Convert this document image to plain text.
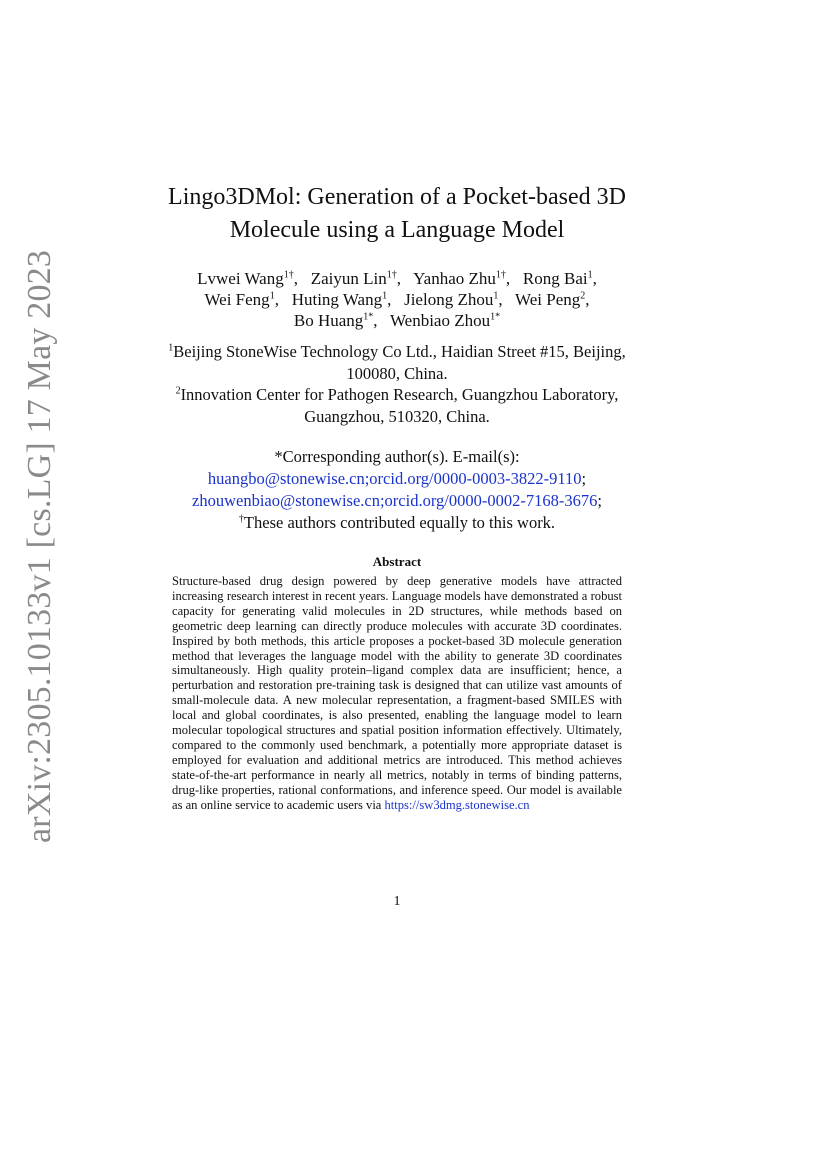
arXiv:2305.10133v1 [cs.LG] 17 May 2023
Lingo3DMol: Generation of a Pocket-based 3D
Molecule using a Language Model
Lvwei Wang$^{1\dagger}$,   Zaiyun Lin$^{1\dagger}$,   Yanhao Zhu$^{1\dagger}$,   Rong Bai$^1$,
Wei Feng$^1$,   Huting Wang$^1$,   Jielong Zhou$^1$,   Wei Peng$^2$,
Bo Huang$^{1*}$,   Wenbiao Zhou$^{1*}$
$^1$Beijing StoneWise Technology Co Ltd., Haidian Street #15, Beijing,
100080, China.
$^2$Innovation Center for Pathogen Research, Guangzhou Laboratory,
Guangzhou, 510320, China.
*Corresponding author(s). E-mail(s):
huangbo@stonewise.cn;orcid.org/0000-0003-3822-9110;
zhouwenbiao@stonewise.cn;orcid.org/0000-0002-7168-3676;
†These authors contributed equally to this work.
Abstract
Structure-based drug design powered by deep generative models have attracted increasing research interest in recent years. Language models have demonstrated a robust capacity for generating valid molecules in 2D structures, while methods based on geometric deep learning can directly produce molecules with accurate 3D coordinates. Inspired by both methods, this article proposes a pocket-based 3D molecule generation method that leverages the language model with the ability to generate 3D coordinates simultaneously. High quality protein–ligand complex data are insufficient; hence, a perturbation and restoration pre-training task is designed that can utilize vast amounts of small-molecule data. A new molecular representation, a fragment-based SMILES with local and global coordinates, is also presented, enabling the language model to learn molecular topological structures and spatial position information effectively. Ultimately, compared to the commonly used benchmark, a potentially more appropriate dataset is employed for evaluation and additional metrics are introduced. This method achieves state-of-the-art performance in nearly all metrics, notably in terms of binding patterns, drug-like properties, rational conformations, and inference speed. Our model is available as an online service to academic users via https://sw3dmg.stonewise.cn
1
